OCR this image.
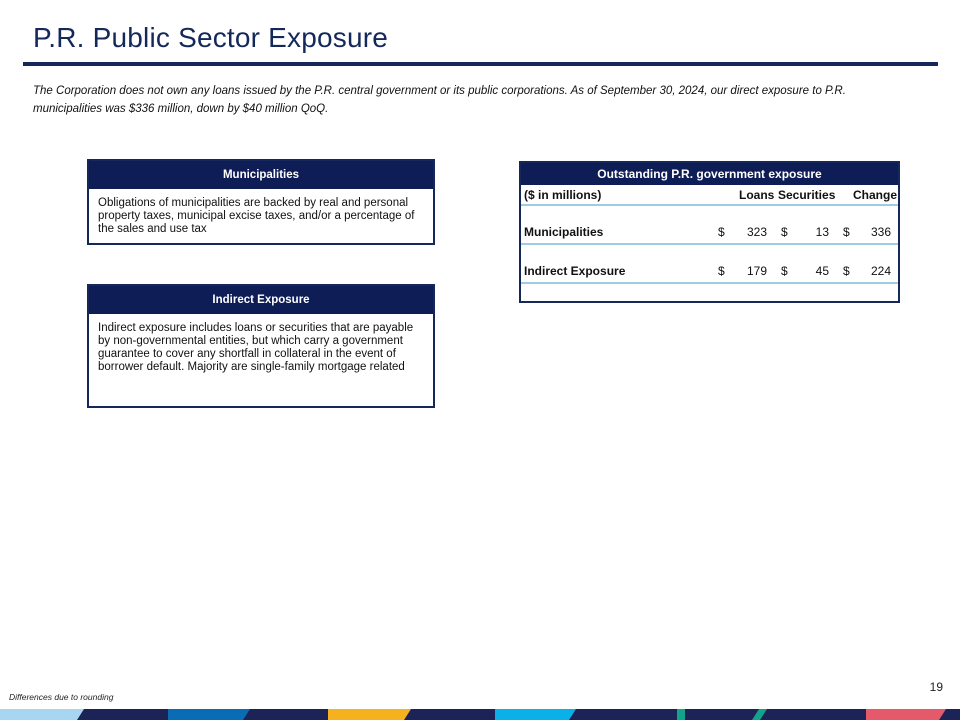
P.R. Public Sector Exposure
The Corporation does not own any loans issued by the P.R. central government or its public corporations. As of September 30, 2024, our direct exposure to P.R. municipalities was $336 million, down by $40 million QoQ.
Municipalities
Obligations of municipalities are backed by real and personal property taxes, municipal excise taxes, and/or a percentage of the sales and use tax
Indirect Exposure
Indirect exposure includes loans or securities that are payable by non-governmental entities, but which carry a government guarantee to cover any shortfall in collateral in the event of borrower default. Majority are single-family mortgage related
Outstanding P.R. government exposure
($ in millions)	Loans Securities Change
Municipalities	$	323 $	13 $	336
Indirect Exposure	$	179 $	45 $	224
Differences due to rounding
19
